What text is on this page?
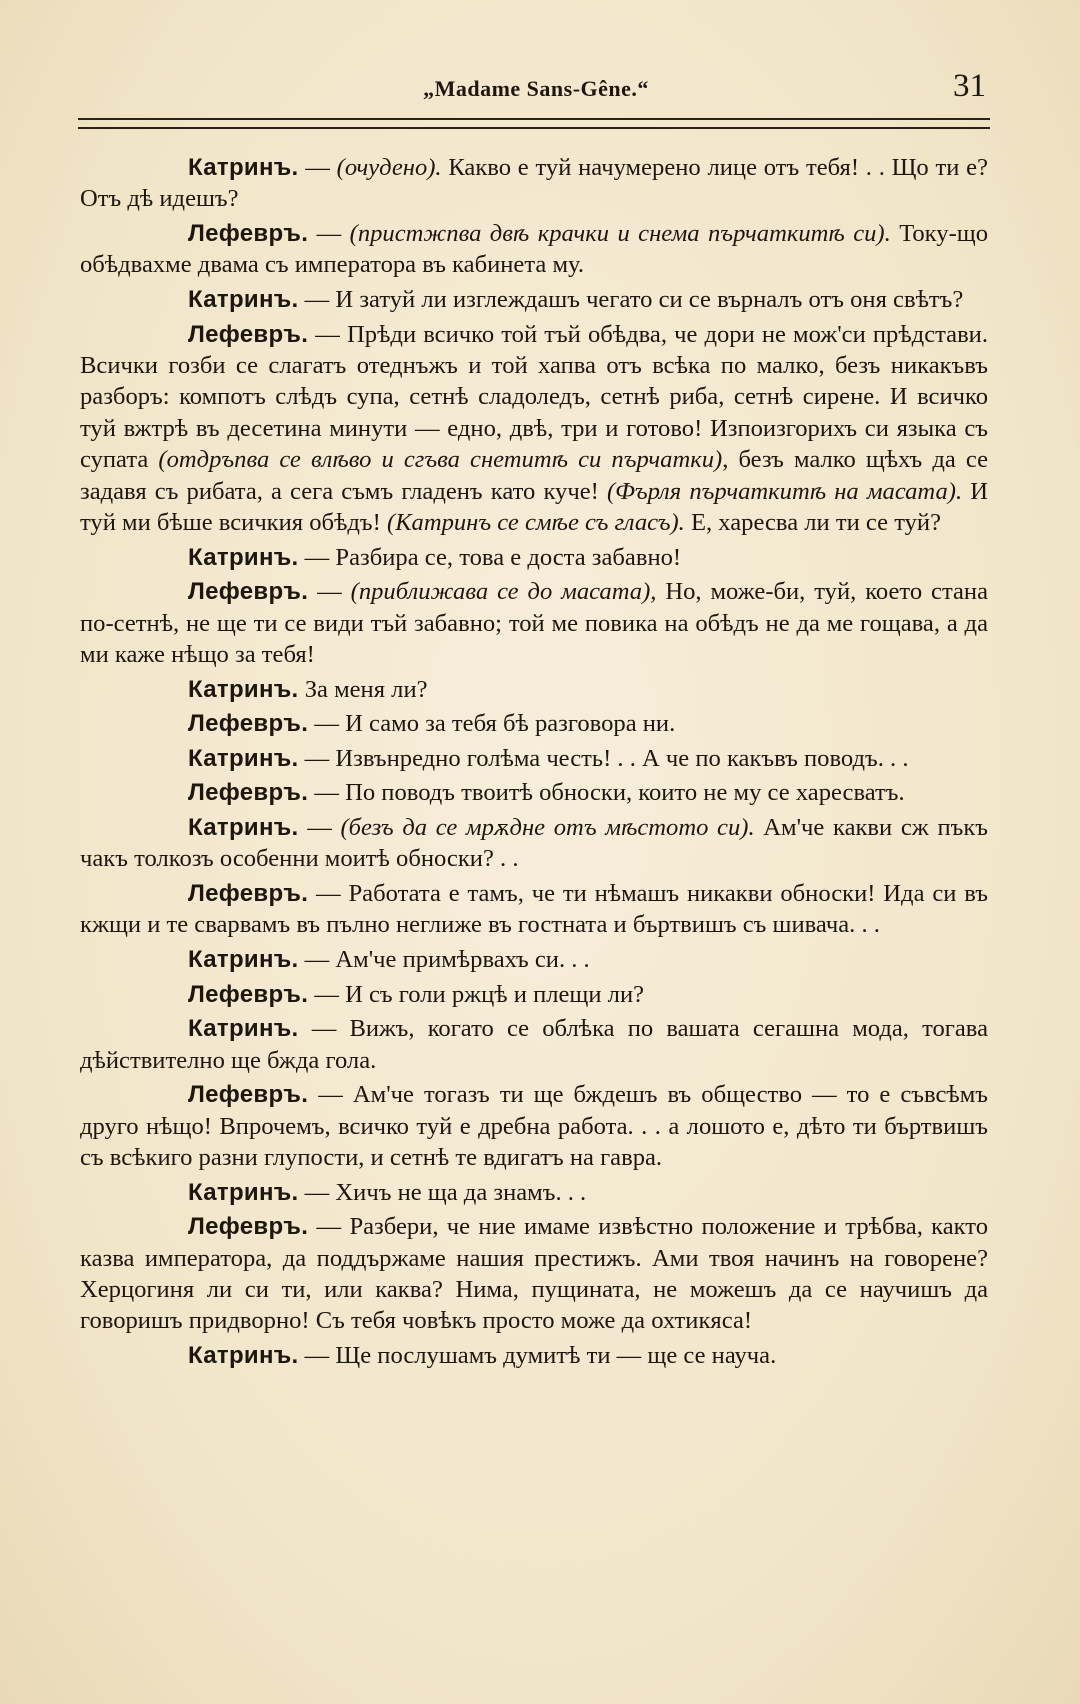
„Madame Sans-Gêne.“	31

Катринъ. — (очудено). Какво е туй начумерено лице отъ тебя! . . Що ти е? Отъ дѣ идешъ?

Лефевръ. — (пристжпва двѣ крачки и снема пърчаткитѣ си). Току-що обѣдвахме двама съ императора въ кабинета му.

Катринъ. — И затуй ли изглеждашъ чегато си се върналъ отъ оня свѣтъ?

Лефевръ. — Прѣди всичко той тъй обѣдва, че дори не мож'си прѣдстави. Всички гозби се слагатъ отеднъжъ и той хапва отъ всѣка по малко, безъ никакъвъ разборъ: компотъ слѣдъ супа, сетнѣ сладоледъ, сетнѣ риба, сетнѣ сирене. И всичко туй вжтрѣ въ десетина минути — едно, двѣ, три и готово! Изпоизгорихъ си языка съ супата (отдръпва се влѣво и сгъва снетитѣ си пърчатки), безъ малко щѣхъ да се задавя съ рибата, а сега съмъ гладенъ като куче! (Фърля пърчаткитѣ на масата). И туй ми бѣше всичкия обѣдъ! (Катринъ се смѣе съ гласъ). Е, харесва ли ти се туй?

Катринъ. — Разбира се, това е доста забавно!

Лефевръ. — (приближава се до масата), Но, може-би, туй, което стана по-сетнѣ, не ще ти се види тъй забавно; той ме повика на обѣдъ не да ме гощава, а да ми каже нѣщо за тебя!

Катринъ. За меня ли?

Лефевръ. — И само за тебя бѣ разговора ни.

Катринъ. — Извънредно голѣма честь! . . А че по какъвъ поводъ. . .

Лефевръ. — По поводъ твоитѣ обноски, които не му се харесватъ.

Катринъ. — (безъ да се мрѫдне отъ мѣстото си). Ам'че какви сж пъкъ чакъ толкозъ особенни моитѣ обноски? . .

Лефевръ. — Работата е тамъ, че ти нѣмашъ никакви обноски! Ида си въ кжщи и те сварвамъ въ пълно неглиже въ гостната и бъртвишъ съ шивача. . .

Катринъ. — Ам'че примѣрвахъ си. . .

Лефевръ. — И съ голи ржцѣ и плещи ли?

Катринъ. — Вижъ, когато се облѣка по вашата сегашна мода, тогава дѣйствително ще бжда гола.

Лефевръ. — Ам'че тогазъ ти ще бждешъ въ общество — то е съвсѣмъ друго нѣщо! Впрочемъ, всичко туй е дребна работа. . . а лошото е, дѣто ти бъртвишъ съ всѣкиго разни глупости, и сетнѣ те вдигатъ на гавра.

Катринъ. — Хичъ не ща да знамъ. . .

Лефевръ. — Разбери, че ние имаме извѣстно положение и трѣбва, както казва императора, да поддържаме нашия престижъ. Ами твоя начинъ на говорене? Херцогиня ли си ти, или каква? Нима, пущината, не можешъ да се научишъ да говоришъ придворно! Съ тебя човѣкъ просто може да охтикяса!

Катринъ. — Ще послушамъ думитѣ ти — ще се науча.
